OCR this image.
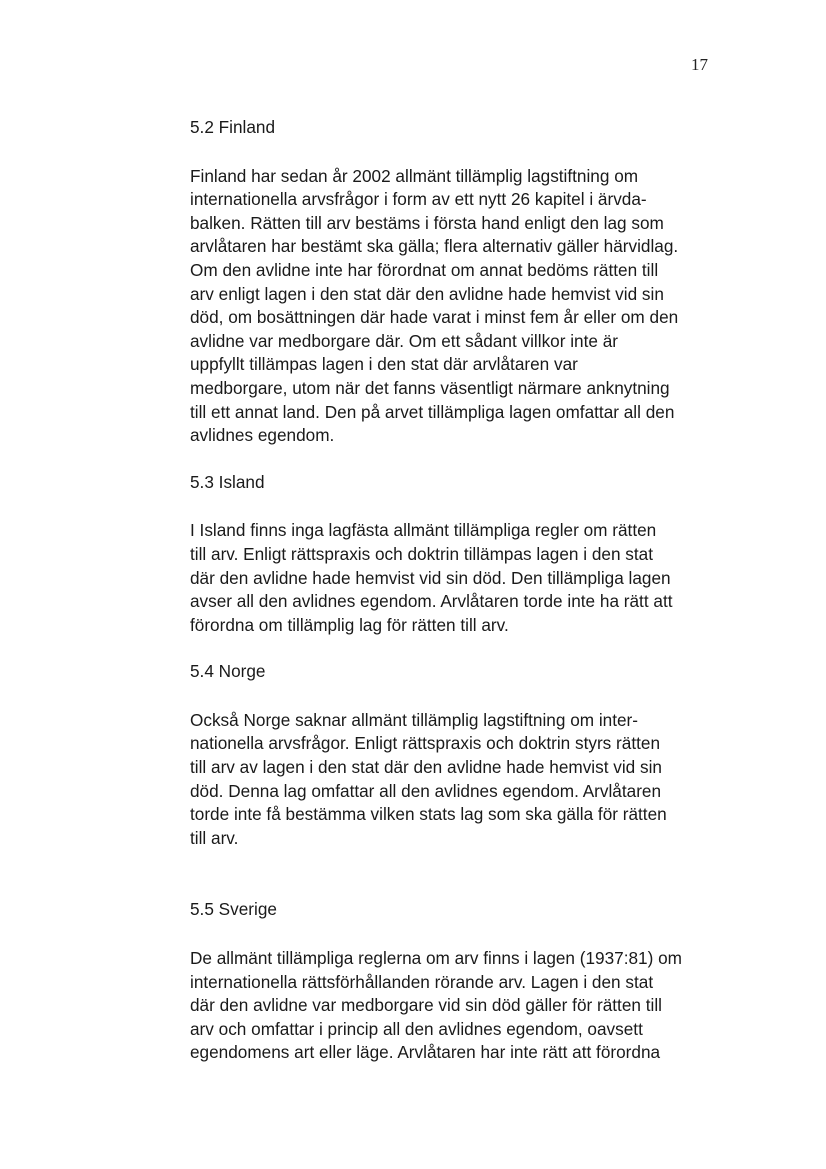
17
5.2 Finland

Finland har sedan år 2002 allmänt tillämplig lagstiftning om
internationella arvsfrågor i form av ett nytt 26 kapitel i ärvda-
balken. Rätten till arv bestäms i första hand enligt den lag som
arvlåtaren har bestämt ska gälla; flera alternativ gäller härvidlag.
Om den avlidne inte har förordnat om annat bedöms rätten till
arv enligt lagen i den stat där den avlidne hade hemvist vid sin
död, om bosättningen där hade varat i minst fem år eller om den
avlidne var medborgare där. Om ett sådant villkor inte är
uppfyllt tillämpas lagen i den stat där arvlåtaren var
medborgare, utom när det fanns väsentligt närmare anknytning
till ett annat land. Den på arvet tillämpliga lagen omfattar all den
avlidnes egendom.

5.3 Island

I Island finns inga lagfästa allmänt tillämpliga regler om rätten
till arv. Enligt rättspraxis och doktrin tillämpas lagen i den stat
där den avlidne hade hemvist vid sin död. Den tillämpliga lagen
avser all den avlidnes egendom. Arvlåtaren torde inte ha rätt att
förordna om tillämplig lag för rätten till arv.

5.4 Norge

Också Norge saknar allmänt tillämplig lagstiftning om inter-
nationella arvsfrågor. Enligt rättspraxis och doktrin styrs rätten
till arv av lagen i den stat där den avlidne hade hemvist vid sin
död. Denna lag omfattar all den avlidnes egendom. Arvlåtaren
torde inte få bestämma vilken stats lag som ska gälla för rätten
till arv.

5.5 Sverige

De allmänt tillämpliga reglerna om arv finns i lagen (1937:81) om
internationella rättsförhållanden rörande arv. Lagen i den stat
där den avlidne var medborgare vid sin död gäller för rätten till
arv och omfattar i princip all den avlidnes egendom, oavsett
egendomens art eller läge. Arvlåtaren har inte rätt att förordna
